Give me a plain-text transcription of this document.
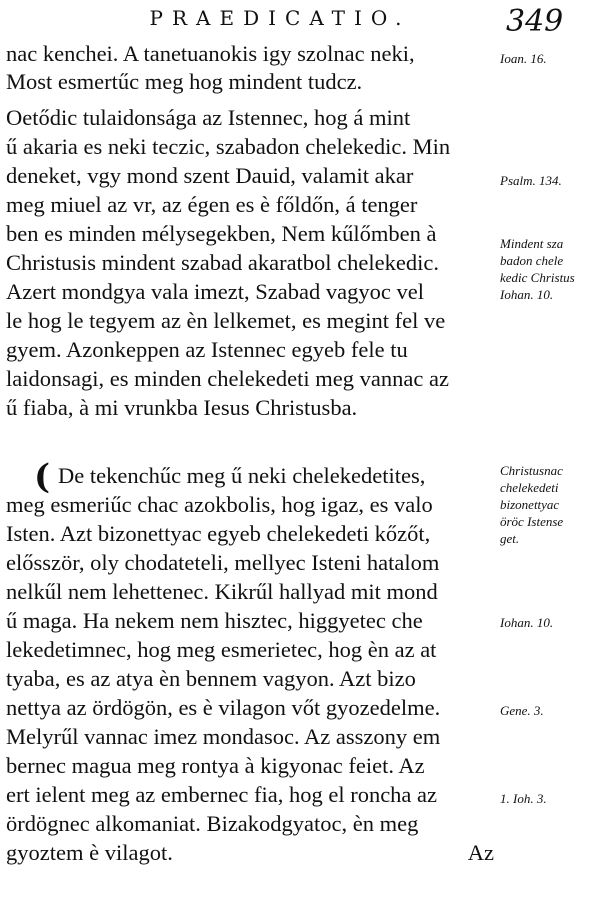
PRAEDICATIO.	349
nac kenchei. A tanetuanokis igy szolnac neki,
Most esmertűc meg hog mindent tudcz.
Oetődic tulaidonsága az Istennec, hog á mint
ű akaria es neki teczic, szabadon chelekedic. Min
deneket, vgy mond szent Dauid, valamit akar
meg miuel az vr, az égen es è főldőn, á tenger
ben es minden mélysegekben, Nem kűlőmben à
Christusis mindent szabad akaratbol chelekedic.
Azert mondgya vala imezt, Szabad vagyoc vel
le hog le tegyem az èn lelkemet, es megint fel ve
gyem. Azonkeppen az Istennec egyeb fele tu
laidonsagi, es minden chelekedeti meg vannac az
ű fiaba, à mi vrunkba Iesus Christusba.
( De tekenchűc meg ű neki chelekedetites,
meg esmeriűc chac azokbolis, hog igaz, es valo
Isten. Azt bizonettyac egyeb chelekedeti kőzőt,
elősször, oly chodateteli, mellyec Isteni hatalom
nelkűl nem lehettenec. Kikrűl hallyad mit mond
ű maga. Ha nekem nem hisztec, higgyetec che
lekedetimnec, hog meg esmerietec, hog èn az at
tyaba, es az atya èn bennem vagyon. Azt bizo
nettya az ördögön, es è vilagon vőt gyozedelme.
Melyrűl vannac imez mondasoc. Az asszony em
bernec magua meg rontya à kigyonac feiet. Az
ert ielent meg az embernec fia, hog el roncha az
ördögnec alkomaniat. Bizakodgyatoc, èn meg
gyoztem è vilagot.	Az
Ioan. 16.
Psalm. 134.
Mindent sza
badon chele
kedic Christus
Iohan. 10.
Christusnac
chelekedeti
bizonettyac
öröc Istense
get.
Iohan. 10.
Gene. 3.
1. Ioh. 3.
